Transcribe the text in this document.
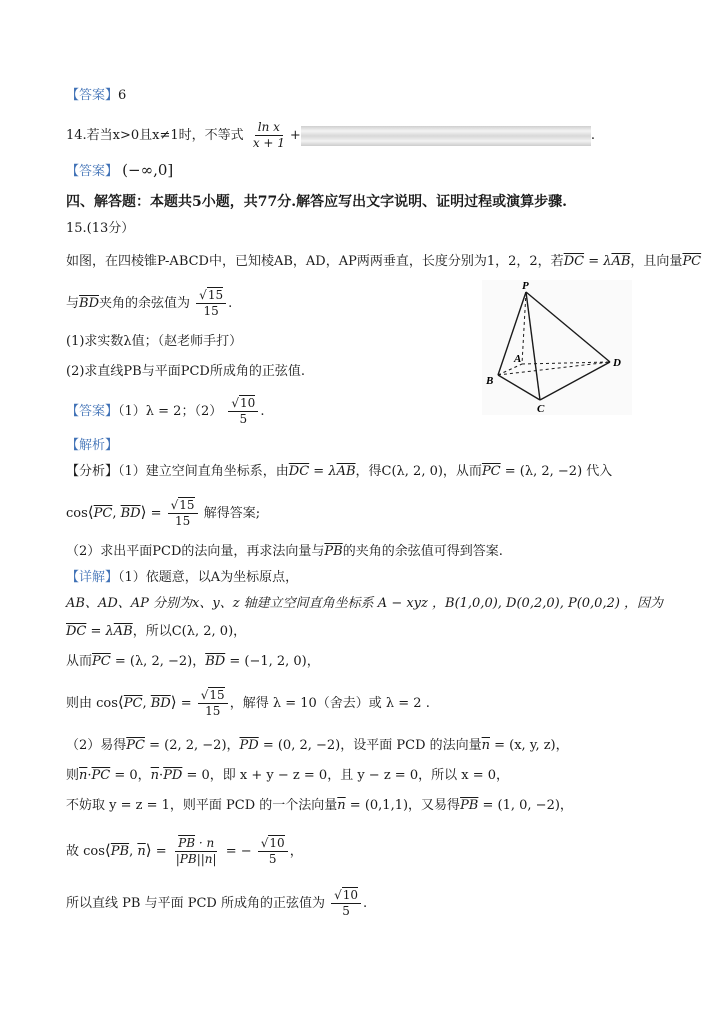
【答案】6
14.若当x>0且x≠1时，不等式 $\frac{\text{ln x}}{x + 1}$ +	.
【答案】 (−∞,0]
四、解答题：本题共5小题，共77分.解答应写出文字说明、证明过程或演算步骤.
15.(13分）
如图，在四棱锥P-ABCD中，已知棱AB，AD，AP两两垂直，长度分别为1，2，2，若$\overline{DC} = \lambda\overline{AB}$，且向量$\overline{PC}$
与$\overline{BD}$夹角的余弦值为 $\frac{√15}{15}$ .
(1)求实数λ值；（赵老师手打）
(2)求直线PB与平面PCD所成角的正弦值.
【答案】（1）λ = 2；$(2) \frac{√10}{5}$ .
【解析】
【分析】（1）建立空间直角坐标系，由$\overline{DC} = \lambda\overline{AB}$，得C(λ, 2, 0)，从而$\overline{PC} = (\lambda$, 2, −2) 代入
$\cos⟨\overline{PC}$, $\overline{BD}⟩ = \frac{√15}{15}$ 解得答案;
（2）求出平面PCD的法向量，再求法向量与$\overline{PB}$的夹角的余弦值可得到答案.
【详解】（1）依题意，以A为坐标原点，
AB、AD、AP 分别为x、y、z 轴建立空间直角坐标系 A − xyz ，B(1,0,0), D(0,2,0), P(0,0,2) ，因为
$\overline{DC} = \lambda\overline{AB}$，所以C(λ, 2, 0)，
从而$\overline{PC} = (\lambda$, 2, −2)，$\overline{BD} = (-1$, 2, 0)，
则由 $\cos⟨\overline{PC}$, $\overline{BD}⟩ = \frac{√15}{15}$ ，解得 λ = 10（舍去）或 λ = 2 .
（2）易得$\overline{PC} = (2$, 2, −2)，$\overline{PD} = (0$, 2, −2)，设平面 PCD 的法向量$\overline{n} = (x$, y, z)，
则$\overline{n}\cdot\overline{PC} = 0$，$\overline{n}\cdot\overline{PD} = 0$，即 x + y − z = 0，且 y − z = 0，所以 x = 0，
不妨取 y = z = 1，则平面 PCD 的一个法向量$\overline{n} = (0,1,1)$，又易得$\overline{PB} = (1$, 0, −2)，
故 $\cos⟨\overline{PB}$, $\overline{n}⟩ = \frac{\overline{PB} \cdot n}{|PB||n|}$ = − $\frac{√10}{5}$ ，
所以直线 PB 与平面 PCD 所成角的正弦值为 $\frac{√10}{5}$ .
P
A
B
C
D
